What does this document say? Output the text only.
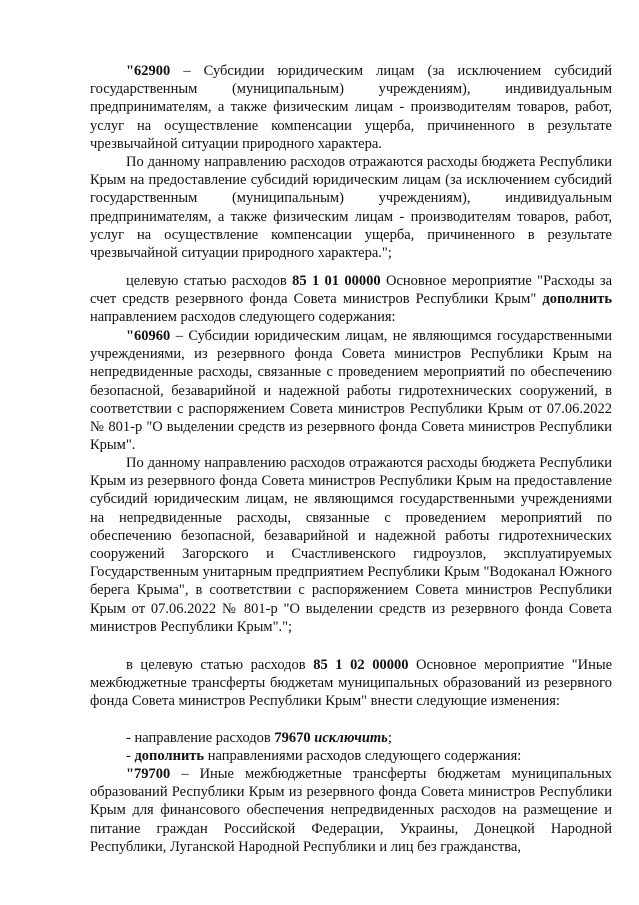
"62900 – Субсидии юридическим лицам (за исключением субсидий государственным (муниципальным) учреждениям), индивидуальным предпринимателям, а также физическим лицам - производителям товаров, работ, услуг на осуществление компенсации ущерба, причиненного в результате чрезвычайной ситуации природного характера.

По данному направлению расходов отражаются расходы бюджета Республики Крым на предоставление субсидий юридическим лицам (за исключением субсидий государственным (муниципальным) учреждениям), индивидуальным предпринимателям, а также физическим лицам - производителям товаров, работ, услуг на осуществление компенсации ущерба, причиненного в результате чрезвычайной ситуации природного характера.";

целевую статью расходов 85 1 01 00000 Основное мероприятие "Расходы за счет средств резервного фонда Совета министров Республики Крым" дополнить направлением расходов следующего содержания:

"60960 – Субсидии юридическим лицам, не являющимся государственными учреждениями, из резервного фонда Совета министров Республики Крым на непредвиденные расходы, связанные с проведением мероприятий по обеспечению безопасной, безаварийной и надежной работы гидротехнических сооружений, в соответствии с распоряжением Совета министров Республики Крым от 07.06.2022 № 801-р "О выделении средств из резервного фонда Совета министров Республики Крым".

По данному направлению расходов отражаются расходы бюджета Республики Крым из резервного фонда Совета министров Республики Крым на предоставление субсидий юридическим лицам, не являющимся государственными учреждениями на непредвиденные расходы, связанные с проведением мероприятий по обеспечению безопасной, безаварийной и надежной работы гидротехнических сооружений Загорского и Счастливенского гидроузлов, эксплуатируемых Государственным унитарным предприятием Республики Крым "Водоканал Южного берега Крыма", в соответствии с распоряжением Совета министров Республики Крым от 07.06.2022 № 801-р "О выделении средств из резервного фонда Совета министров Республики Крым".";

в целевую статью расходов 85 1 02 00000 Основное мероприятие "Иные межбюджетные трансферты бюджетам муниципальных образований из резервного фонда Совета министров Республики Крым" внести следующие изменения:

- направление расходов 79670 исключить;

- дополнить направлениями расходов следующего содержания:

"79700 – Иные межбюджетные трансферты бюджетам муниципальных образований Республики Крым из резервного фонда Совета министров Республики Крым для финансового обеспечения непредвиденных расходов на размещение и питание граждан Российской Федерации, Украины, Донецкой Народной Республики, Луганской Народной Республики и лиц без гражданства,
